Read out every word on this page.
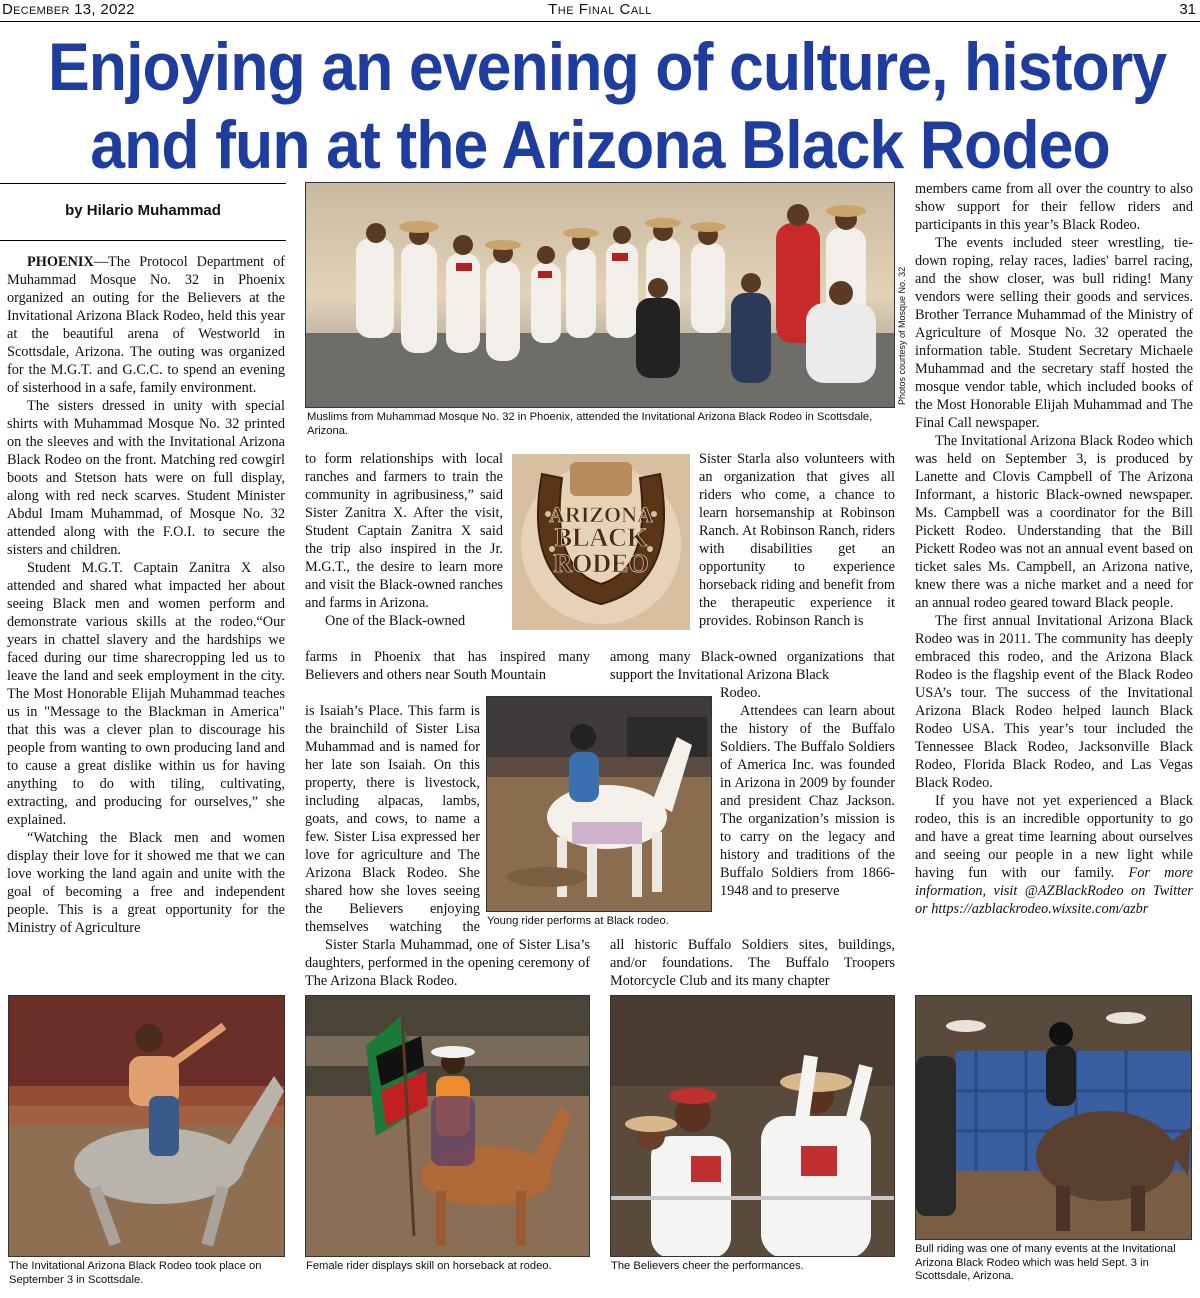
December 13, 2022	The Final Call	31
Enjoying an evening of culture, history
and fun at the Arizona Black Rodeo
by Hilario Muhammad

PHOENIX—The Protocol Department of Muhammad Mosque No. 32 in Phoenix organized an outing for the Believers at the Invitational Arizona Black Rodeo, held this year at the beautiful arena of Westworld in Scottsdale, Arizona. The outing was organized for the M.G.T. and G.C.C. to spend an evening of sisterhood in a safe, family environment.

The sisters dressed in unity with special shirts with Muhammad Mosque No. 32 printed on the sleeves and with the Invitational Arizona Black Rodeo on the front. Matching red cowgirl boots and Stetson hats were on full display, along with red neck scarves. Student Minister Abdul Imam Muhammad, of Mosque No. 32 attended along with the F.O.I. to secure the sisters and children.

Student M.G.T. Captain Zanitra X also attended and shared what impacted her about seeing Black men and women perform and demonstrate various skills at the rodeo.“Our years in chattel slavery and the hardships we faced during our time sharecropping led us to leave the land and seek employment in the city. The Most Honorable Elijah Muhammad teaches us in "Message to the Blackman in America" that this was a clever plan to discourage his people from wanting to own producing land and to cause a great dislike within us for having anything to do with tiling, cultivating, extracting, and producing for ourselves,” she explained.

“Watching the Black men and women display their love for it showed me that we can love working the land again and unite with the goal of becoming a free and independent people. This is a great opportunity for the Ministry of Agriculture

Photos courtesy of Mosque No. 32
Muslims from Muhammad Mosque No. 32 in Phoenix, attended the Invitational Arizona Black Rodeo in Scottsdale, Arizona.
ARIZONA
BLACK
RODEO

to form relationships with local ranches and farmers to train the community in agribusiness,” said Sister Zanitra X. After the visit, Student Captain Zanitra X said the trip also inspired in the Jr. M.G.T., the desire to learn more and visit the Black-owned ranches and farms in Arizona.

One of the Black-owned

Sister Starla also volunteers with an organization that gives all riders who come, a chance to learn horsemanship at Robinson Ranch. At Robinson Ranch, riders with disabilities get an opportunity to experience horseback riding and benefit from the therapeutic experience it provides. Robinson Ranch is

farms in Phoenix that has inspired many Believers and others near South Mountain

among many Black-owned organizations that support the Invitational Arizona Black

Young rider performs at Black rodeo.

Rodeo.

Attendees can learn about the history of the Buffalo Soldiers. The Buffalo Soldiers of America Inc. was founded in Arizona in 2009 by founder and president Chaz Jackson. The organization’s mission is to carry on the legacy and history and traditions of the Buffalo Soldiers from 1866-1948 and to preserve

is Isaiah’s Place. This farm is the brainchild of Sister Lisa Muhammad and is named for her late son Isaiah. On this property, there is livestock, including alpacas, lambs, goats, and cows, to name a few. Sister Lisa expressed her love for agriculture and The Arizona Black Rodeo. She shared how she loves seeing the Believers enjoying themselves watching the

Sister Starla Muhammad, one of Sister Lisa’s daughters, performed in the opening ceremony of The Arizona Black Rodeo.

all historic Buffalo Soldiers sites, buildings, and/or foundations. The Buffalo Troopers Motorcycle Club and its many chapter

members came from all over the country to also show support for their fellow riders and participants in this year’s Black Rodeo.

The events included steer wrestling, tie-down roping, relay races, ladies' barrel racing, and the show closer, was bull riding! Many vendors were selling their goods and services. Brother Terrance Muhammad of the Ministry of Agriculture of Mosque No. 32 operated the information table. Student Secretary Michaele Muhammad and the secretary staff hosted the mosque vendor table, which included books of the Most Honorable Elijah Muhammad and The Final Call newspaper.

The Invitational Arizona Black Rodeo which was held on September 3, is produced by Lanette and Clovis Campbell of The Arizona Informant, a historic Black-owned newspaper. Ms. Campbell was a coordinator for the Bill Pickett Rodeo. Understanding that the Bill Pickett Rodeo was not an annual event based on ticket sales Ms. Campbell, an Arizona native, knew there was a niche market and a need for an annual rodeo geared toward Black people.

The first annual Invitational Arizona Black Rodeo was in 2011. The community has deeply embraced this rodeo, and the Arizona Black Rodeo is the flagship event of the Black Rodeo USA’s tour. The success of the Invitational Arizona Black Rodeo helped launch Black Rodeo USA. This year’s tour included the Tennessee Black Rodeo, Jacksonville Black Rodeo, Florida Black Rodeo, and Las Vegas Black Rodeo.

If you have not yet experienced a Black rodeo, this is an incredible opportunity to go and have a great time learning about ourselves and seeing our people in a new light while having fun with our family. For more information, visit @AZBlackRodeo on Twitter or https://azblackrodeo.wixsite.com/azbr

The Invitational Arizona Black Rodeo took place on September 3 in Scottsdale.
Female rider displays skill on horseback at rodeo.	The Believers cheer the performances.
Bull riding was one of many events at the Invitational Arizona Black Rodeo which was held Sept. 3 in Scottsdale, Arizona.
